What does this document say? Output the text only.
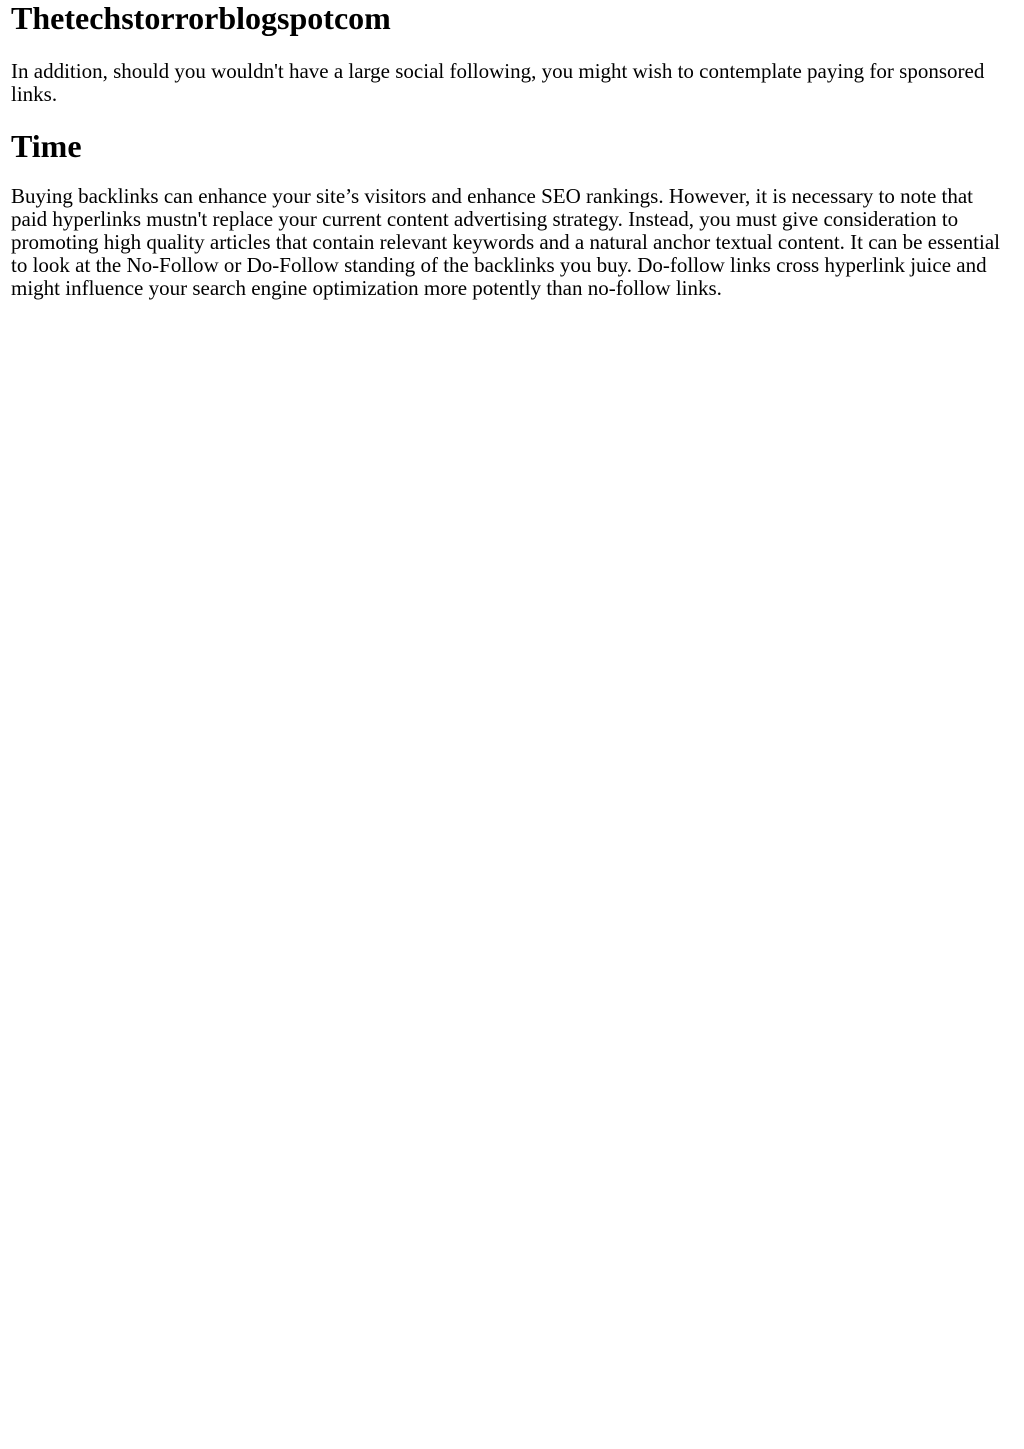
Thetechstorrorblogspotcom

In addition, should you wouldn't have a large social following, you might wish to contemplate paying for sponsored links.

Time

Buying backlinks can enhance your site’s visitors and enhance SEO rankings. However, it is necessary to note that paid hyperlinks mustn't replace your current content advertising strategy. Instead, you must give consideration to promoting high quality articles that contain relevant keywords and a natural anchor textual content. It can be essential to look at the No-Follow or Do-Follow standing of the backlinks you buy. Do-follow links cross hyperlink juice and might influence your search engine optimization more potently than no-follow links.
